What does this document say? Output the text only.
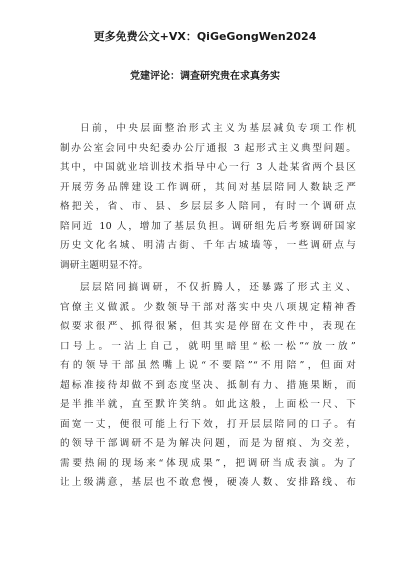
更多免费公文+VX：QiGeGongWen2024
党建评论：调查研究贵在求真务实
日前，中央层面整治形式主义为基层减负专项工作机
制办公室会同中央纪委办公厅通报 3 起形式主义典型问题。
其中，中国就业培训技术指导中心一行 3 人赴某省两个县区
开展劳务品牌建设工作调研，其间对基层陪同人数缺乏严
格把关，省、市、县、乡层层多人陪同，有时一个调研点
陪同近 10 人，增加了基层负担。调研组先后考察调研国家
历史文化名城、明清古街、千年古城墙等，一些调研点与
调研主题明显不符。
层层陪同搞调研，不仅折腾人，还暴露了形式主义、
官僚主义做派。少数领导干部对落实中央八项规定精神香
似要求很严、抓得很紧，但其实是停留在文件中，表现在
口号上。一沾上自己，就明里暗里“松一松”“放一放”
有的领导干部虽然嘴上说“不要陪”“不用陪”，但面对
超标准接待却做不到态度坚决、抵制有力、措施果断，而
是半推半就，直至默许笑纳。如此这般，上面松一尺、下
面宽一丈，便很可能上行下效，打开层层陪同的口子。有
的领导干部调研不是为解决问题，而是为留痕、为交差，
需要热闹的现场来“体现成果”，把调研当成表演。为了
让上级满意，基层也不敢怠慢，硬凑人数、安排路线、布
